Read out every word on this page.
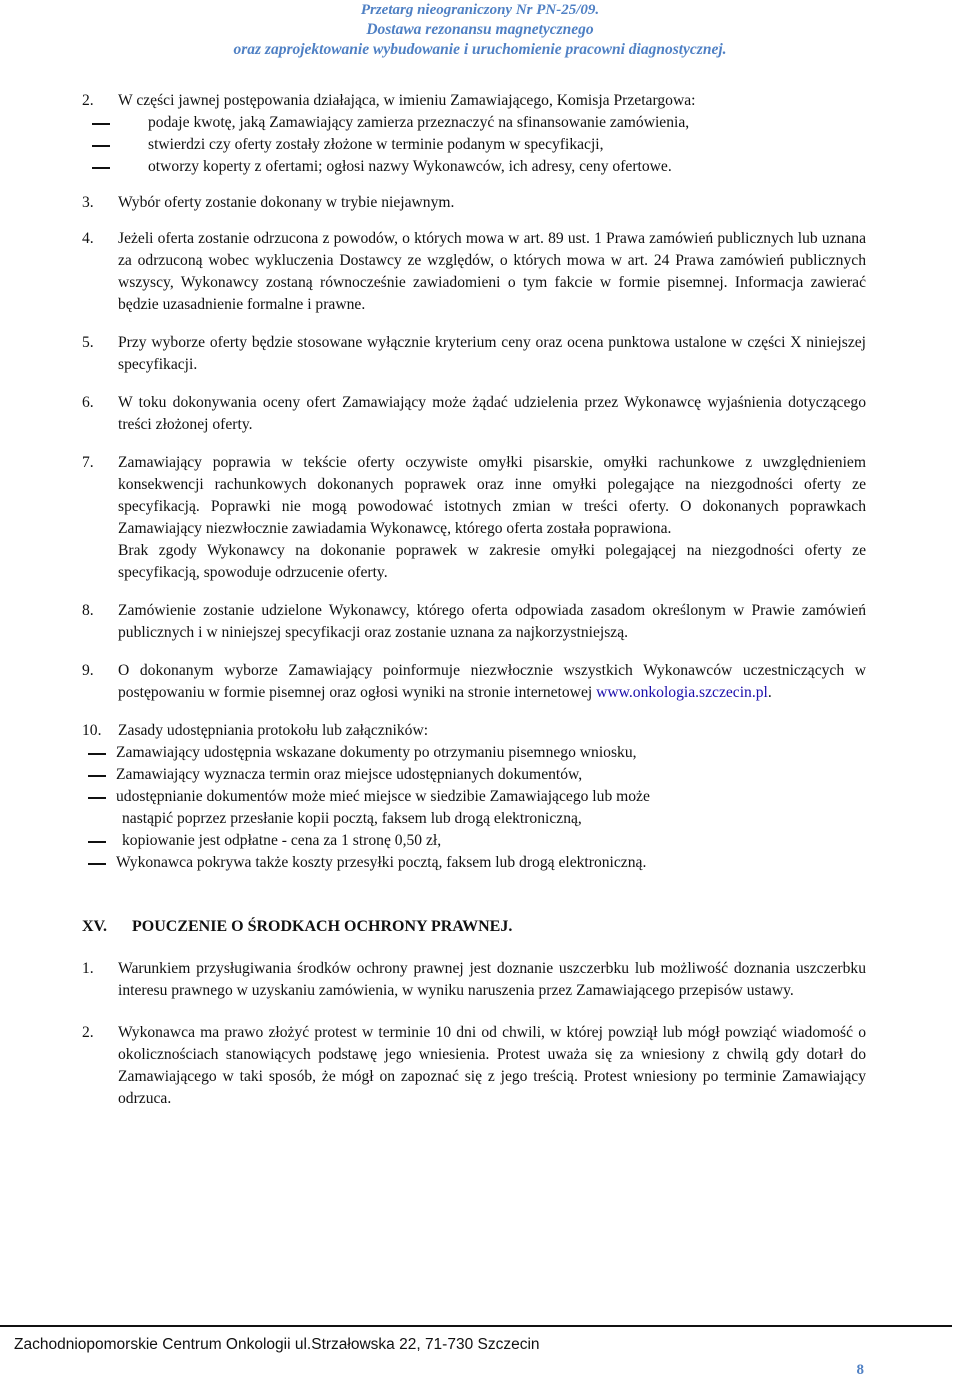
Przetarg nieograniczony Nr PN-25/09.
Dostawa rezonansu magnetycznego
oraz zaprojektowanie wybudowanie i uruchomienie pracowni diagnostycznej.
2.	W części jawnej postępowania działająca, w imieniu Zamawiającego, Komisja Przetargowa:
podaje kwotę, jaką Zamawiający zamierza przeznaczyć na sfinansowanie zamówienia,
stwierdzi czy oferty zostały złożone w terminie podanym w specyfikacji,
otworzy koperty z ofertami; ogłosi nazwy Wykonawców, ich adresy, ceny ofertowe.
3.	Wybór oferty zostanie dokonany w trybie niejawnym.
4.	Jeżeli oferta zostanie odrzucona z powodów, o których mowa w art. 89 ust. 1 Prawa zamówień publicznych lub uznana za odrzuconą wobec wykluczenia Dostawcy ze względów, o których mowa w art. 24 Prawa zamówień publicznych wszyscy, Wykonawcy zostaną równocześnie zawiadomieni o tym fakcie w formie pisemnej. Informacja zawierać będzie uzasadnienie formalne i prawne.
5.	Przy wyborze oferty będzie stosowane wyłącznie kryterium ceny oraz ocena punktowa ustalone w części X niniejszej specyfikacji.
6.	W toku dokonywania oceny ofert Zamawiający może żądać udzielenia przez Wykonawcę wyjaśnienia dotyczącego treści złożonej oferty.
7.	Zamawiający poprawia w tekście oferty oczywiste omyłki pisarskie, omyłki rachunkowe z uwzględnieniem konsekwencji rachunkowych dokonanych poprawek oraz inne omyłki polegające na niezgodności oferty ze specyfikacją. Poprawki nie mogą powodować istotnych zmian w treści oferty. O dokonanych poprawkach Zamawiający niezwłocznie zawiadamia Wykonawcę, którego oferta została poprawiona.
Brak zgody Wykonawcy na dokonanie poprawek w zakresie omyłki polegającej na niezgodności oferty ze specyfikacją, spowoduje odrzucenie oferty.
8.	Zamówienie zostanie udzielone Wykonawcy, którego oferta odpowiada zasadom określonym w Prawie zamówień publicznych i w niniejszej specyfikacji oraz zostanie uznana za najkorzystniejszą.
9.	O dokonanym wyborze Zamawiający poinformuje niezwłocznie wszystkich Wykonawców uczestniczących w postępowaniu w formie pisemnej oraz ogłosi wyniki na stronie internetowej www.onkologia.szczecin.pl.
10.	Zasady udostępniania protokołu lub załączników:
Zamawiający udostępnia wskazane dokumenty po otrzymaniu pisemnego wniosku,
Zamawiający wyznacza termin oraz miejsce udostępnianych dokumentów,
udostępnianie dokumentów może mieć miejsce w siedzibie Zamawiającego lub może
nastąpić poprzez przesłanie kopii pocztą, faksem lub drogą elektroniczną,
kopiowanie jest odpłatne - cena za 1 stronę 0,50 zł,
Wykonawca pokrywa także koszty przesyłki pocztą, faksem lub drogą elektroniczną.
XV.	POUCZENIE O ŚRODKACH OCHRONY PRAWNEJ.
1.	Warunkiem przysługiwania środków ochrony prawnej jest doznanie uszczerbku lub możliwość doznania uszczerbku interesu prawnego w uzyskaniu zamówienia, w wyniku naruszenia przez Zamawiającego przepisów ustawy.
2.	Wykonawca ma prawo złożyć protest w terminie 10 dni od chwili, w której powziął lub mógł powziąć wiadomość o okolicznościach stanowiących podstawę jego wniesienia. Protest uważa się za wniesiony z chwilą gdy dotarł do Zamawiającego w taki sposób, że mógł on zapoznać się z jego treścią. Protest wniesiony po terminie Zamawiający odrzuca.
Zachodniopomorskie Centrum Onkologii ul.Strzałowska 22, 71-730 Szczecin
8
